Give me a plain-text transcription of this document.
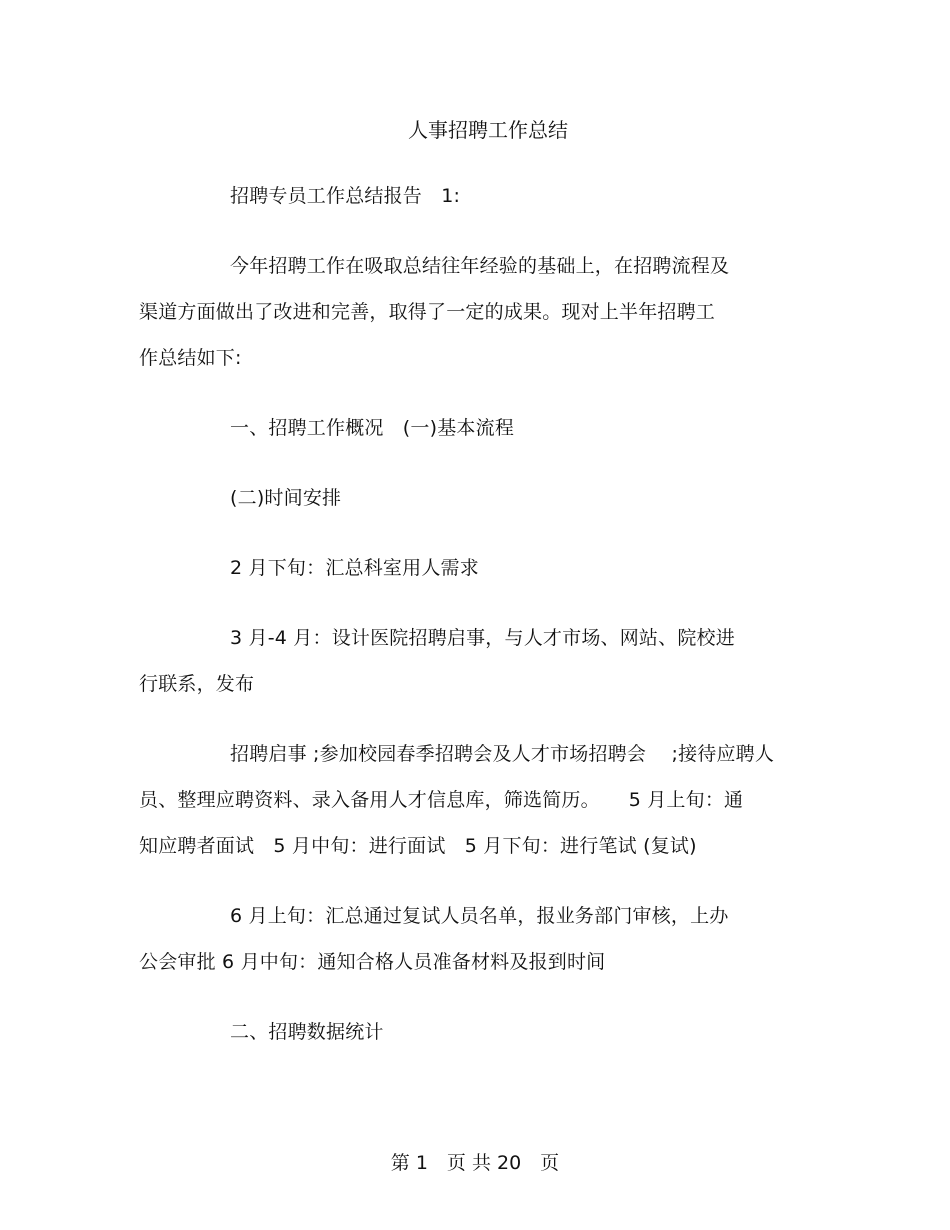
人事招聘工作总结
招聘专员工作总结报告　1:
今年招聘工作在吸取总结往年经验的基础上，在招聘流程及
渠道方面做出了改进和完善，取得了一定的成果。现对上半年招聘工
作总结如下:
一、招聘工作概况　(一)基本流程
(二)时间安排
2 月下旬：汇总科室用人需求
3 月-4 月：设计医院招聘启事，与人才市场、网站、院校进
行联系，发布
招聘启事 ;参加校园春季招聘会及人才市场招聘会　 ;接待应聘人
员、整理应聘资料、录入备用人才信息库，筛选简历。　　5 月上旬：通
知应聘者面试　5 月中旬：进行面试　5 月下旬：进行笔试 (复试)
6 月上旬：汇总通过复试人员名单，报业务部门审核，上办
公会审批 6 月中旬：通知合格人员准备材料及报到时间
二、招聘数据统计
第 1　页 共 20　页
